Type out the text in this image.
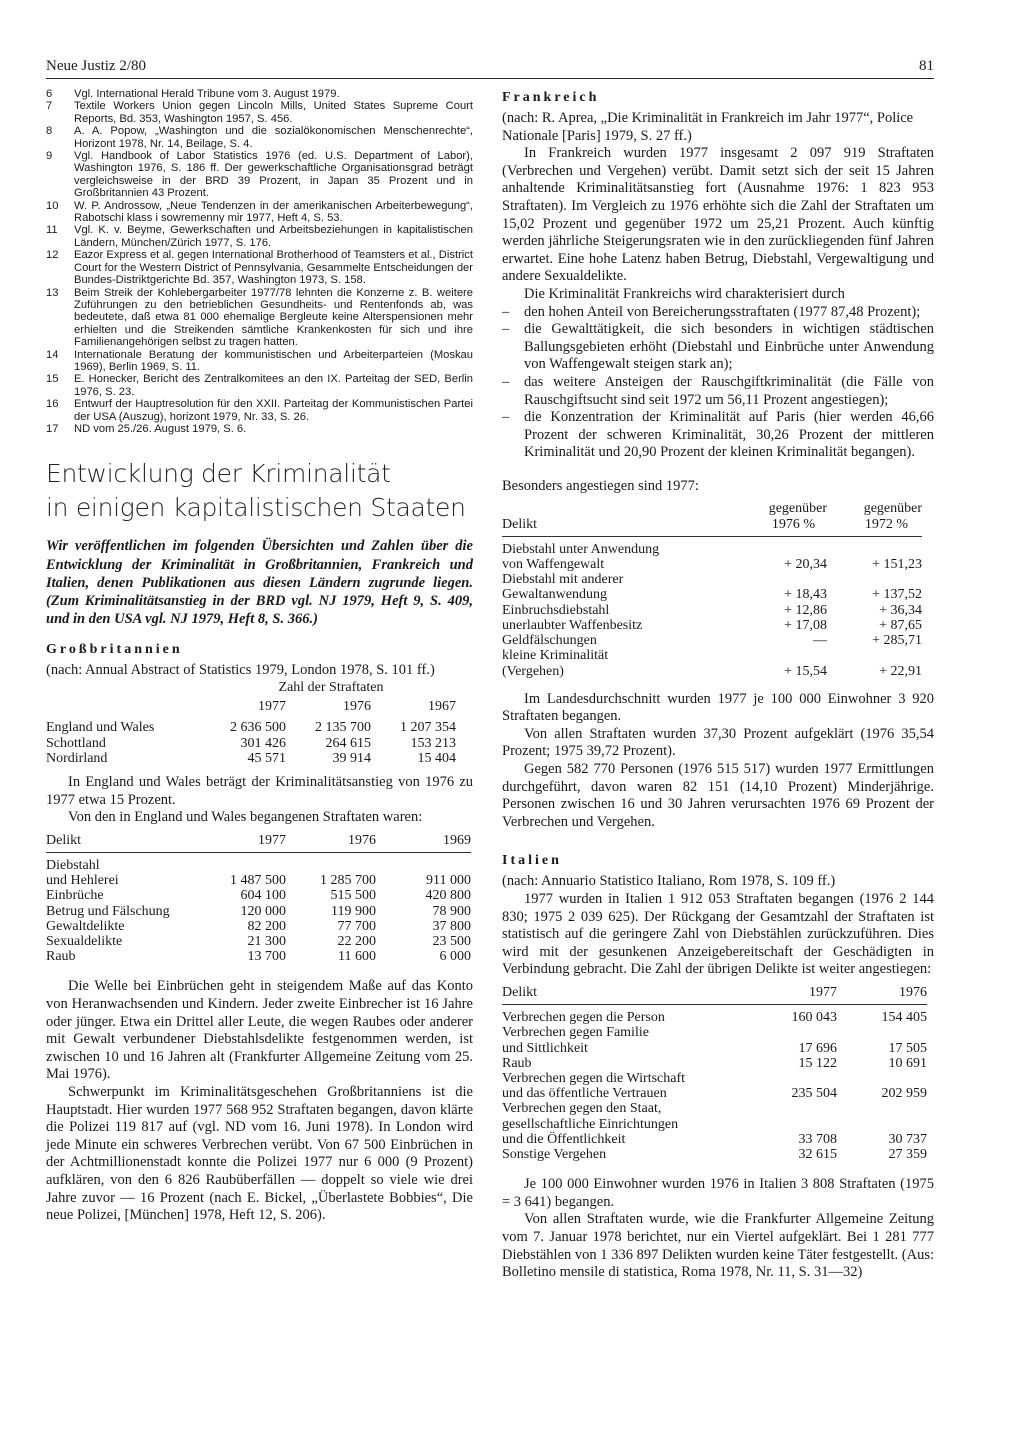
Neue Justiz 2/80	81
6	Vgl. International Herald Tribune vom 3. August 1979.
7	Textile Workers Union gegen Lincoln Mills, United States Supreme Court Reports, Bd. 353, Washington 1957, S. 456.
8	A. A. Popow, „Washington und die sozialökonomischen Menschenrechte“, Horizont 1978, Nr. 14, Beilage, S. 4.
9	Vgl. Handbook of Labor Statistics 1976 (ed. U.S. Department of Labor), Washington 1976, S. 186 ff. Der gewerkschaftliche Organisationsgrad beträgt vergleichsweise in der BRD 39 Prozent, in Japan 35 Prozent und in Großbritannien 43 Prozent.
10	W. P. Androssow, „Neue Tendenzen in der amerikanischen Arbeiterbewegung“, Rabotschi klass i sowremenny mir 1977, Heft 4, S. 53.
11	Vgl. K. v. Beyme, Gewerkschaften und Arbeitsbeziehungen in kapitalistischen Ländern, München/Zürich 1977, S. 176.
12	Eazor Express et al. gegen International Brotherhood of Teamsters et al., District Court for the Western District of Pennsylvania, Gesammelte Entscheidungen der Bundes-Distriktgerichte Bd. 357, Washington 1973, S. 158.
13	Beim Streik der Kohlebergarbeiter 1977/78 lehnten die Konzerne z. B. weitere Zuführungen zu den betrieblichen Gesundheits- und Rentenfonds ab, was bedeutete, daß etwa 81 000 ehemalige Bergleute keine Alterspensionen mehr erhielten und die Streikenden sämtliche Krankenkosten für sich und ihre Familienangehörigen selbst zu tragen hatten.
14	Internationale Beratung der kommunistischen und Arbeiterparteien (Moskau 1969), Berlin 1969, S. 11.
15	E. Honecker, Bericht des Zentralkomitees an den IX. Parteitag der SED, Berlin 1976, S. 23.
16	Entwurf der Hauptresolution für den XXII. Parteitag der Kommunistischen Partei der USA (Auszug), horizont 1979, Nr. 33, S. 26.
17	ND vom 25./26. August 1979, S. 6.
Entwicklung der Kriminalität
in einigen kapitalistischen Staaten

Wir veröffentlichen im folgenden Übersichten und Zahlen über die Entwicklung der Kriminalität in Großbritannien, Frankreich und Italien, denen Publikationen aus diesen Ländern zugrunde liegen. (Zum Kriminalitätsanstieg in der BRD vgl. NJ 1979, Heft 9, S. 409, und in den USA vgl. NJ 1979, Heft 8, S. 366.)

Großbritannien

(nach: Annual Abstract of Statistics 1979, London 1978, S. 101 ff.)

	Zahl der Straftaten		
	1977	1976	1967

England und Wales	2 636 500	2 135 700	1 207 354
Schottland	301 426	264 615	153 213
Nordirland	45 571	39 914	15 404

In England und Wales beträgt der Kriminalitätsanstieg von 1976 zu 1977 etwa 15 Prozent.

Von den in England und Wales begangenen Straftaten waren:

Delikt	1977	1976	1969

Diebstahl			
und Hehlerei	1 487 500	1 285 700	911 000
Einbrüche	604 100	515 500	420 800
Betrug und Fälschung	120 000	119 900	78 900
Gewaltdelikte	82 200	77 700	37 800
Sexualdelikte	21 300	22 200	23 500
Raub	13 700	11 600	6 000

Die Welle bei Einbrüchen geht in steigendem Maße auf das Konto von Heranwachsenden und Kindern. Jeder zweite Einbrecher ist 16 Jahre oder jünger. Etwa ein Drittel aller Leute, die wegen Raubes oder anderer mit Gewalt verbundener Diebstahlsdelikte festgenommen werden, ist zwischen 10 und 16 Jahren alt (Frankfurter Allgemeine Zeitung vom 25. Mai 1976).

Schwerpunkt im Kriminalitätsgeschehen Großbritanniens ist die Hauptstadt. Hier wurden 1977 568 952 Straftaten begangen, davon klärte die Polizei 119 817 auf (vgl. ND vom 16. Juni 1978). In London wird jede Minute ein schweres Verbrechen verübt. Von 67 500 Einbrüchen in der Achtmillionenstadt konnte die Polizei 1977 nur 6 000 (9 Prozent) aufklären, von den 6 826 Raubüberfällen — doppelt so viele wie drei Jahre zuvor — 16 Prozent (nach E. Bickel, „Überlastete Bobbies“, Die neue Polizei, [München] 1978, Heft 12, S. 206).

Frankreich

(nach: R. Aprea, „Die Kriminalität in Frankreich im Jahr 1977“, Police Nationale [Paris] 1979, S. 27 ff.)

In Frankreich wurden 1977 insgesamt 2 097 919 Straftaten (Verbrechen und Vergehen) verübt. Damit setzt sich der seit 15 Jahren anhaltende Kriminalitätsanstieg fort (Ausnahme 1976: 1 823 953 Straftaten). Im Vergleich zu 1976 erhöhte sich die Zahl der Straftaten um 15,02 Prozent und gegenüber 1972 um 25,21 Prozent. Auch künftig werden jährliche Steigerungsraten wie in den zurückliegenden fünf Jahren erwartet. Eine hohe Latenz haben Betrug, Diebstahl, Vergewaltigung und andere Sexualdelikte.

Die Kriminalität Frankreichs wird charakterisiert durch

– den hohen Anteil von Bereicherungsstraftaten (1977 87,48 Prozent);
– die Gewalttätigkeit, die sich besonders in wichtigen städtischen Ballungsgebieten erhöht (Diebstahl und Einbrüche unter Anwendung von Waffengewalt steigen stark an);
– das weitere Ansteigen der Rauschgiftkriminalität (die Fälle von Rauschgiftsucht sind seit 1972 um 56,11 Prozent angestiegen);
– die Konzentration der Kriminalität auf Paris (hier werden 46,66 Prozent der schweren Kriminalität, 30,26 Prozent der mittleren Kriminalität und 20,90 Prozent der kleinen Kriminalität begangen).

Besonders angestiegen sind 1977:

	gegenüber	gegenüber
Delikt	1976 %	1972 %

Diebstahl unter Anwendung		
von Waffengewalt	+ 20,34	+ 151,23
Diebstahl mit anderer		
Gewaltanwendung	+ 18,43	+ 137,52
Einbruchsdiebstahl	+ 12,86	+ 36,34
unerlaubter Waffenbesitz	+ 17,08	+ 87,65
Geldfälschungen	—	+ 285,71
kleine Kriminalität		
(Vergehen)	+ 15,54	+ 22,91

Im Landesdurchschnitt wurden 1977 je 100 000 Einwohner 3 920 Straftaten begangen.

Von allen Straftaten wurden 37,30 Prozent aufgeklärt (1976 35,54 Prozent; 1975 39,72 Prozent).

Gegen 582 770 Personen (1976 515 517) wurden 1977 Ermittlungen durchgeführt, davon waren 82 151 (14,10 Prozent) Minderjährige. Personen zwischen 16 und 30 Jahren verursachten 1976 69 Prozent der Verbrechen und Vergehen.

Italien

(nach: Annuario Statistico Italiano, Rom 1978, S. 109 ff.)

1977 wurden in Italien 1 912 053 Straftaten begangen (1976 2 144 830; 1975 2 039 625). Der Rückgang der Gesamtzahl der Straftaten ist statistisch auf die geringere Zahl von Diebstählen zurückzuführen. Dies wird mit der gesunkenen Anzeigebereitschaft der Geschädigten in Verbindung gebracht. Die Zahl der übrigen Delikte ist weiter angestiegen:

Delikt	1977	1976

Verbrechen gegen die Person	160 043	154 405
Verbrechen gegen Familie		
und Sittlichkeit	17 696	17 505
Raub	15 122	10 691
Verbrechen gegen die Wirtschaft		
und das öffentliche Vertrauen	235 504	202 959
Verbrechen gegen den Staat,		
gesellschaftliche Einrichtungen		
und die Öffentlichkeit	33 708	30 737
Sonstige Vergehen	32 615	27 359

Je 100 000 Einwohner wurden 1976 in Italien 3 808 Straftaten (1975 = 3 641) begangen.

Von allen Straftaten wurde, wie die Frankfurter Allgemeine Zeitung vom 7. Januar 1978 berichtet, nur ein Viertel aufgeklärt. Bei 1 281 777 Diebstählen von 1 336 897 Delikten wurden keine Täter festgestellt. (Aus: Bolletino mensile di statistica, Roma 1978, Nr. 11, S. 31—32)
